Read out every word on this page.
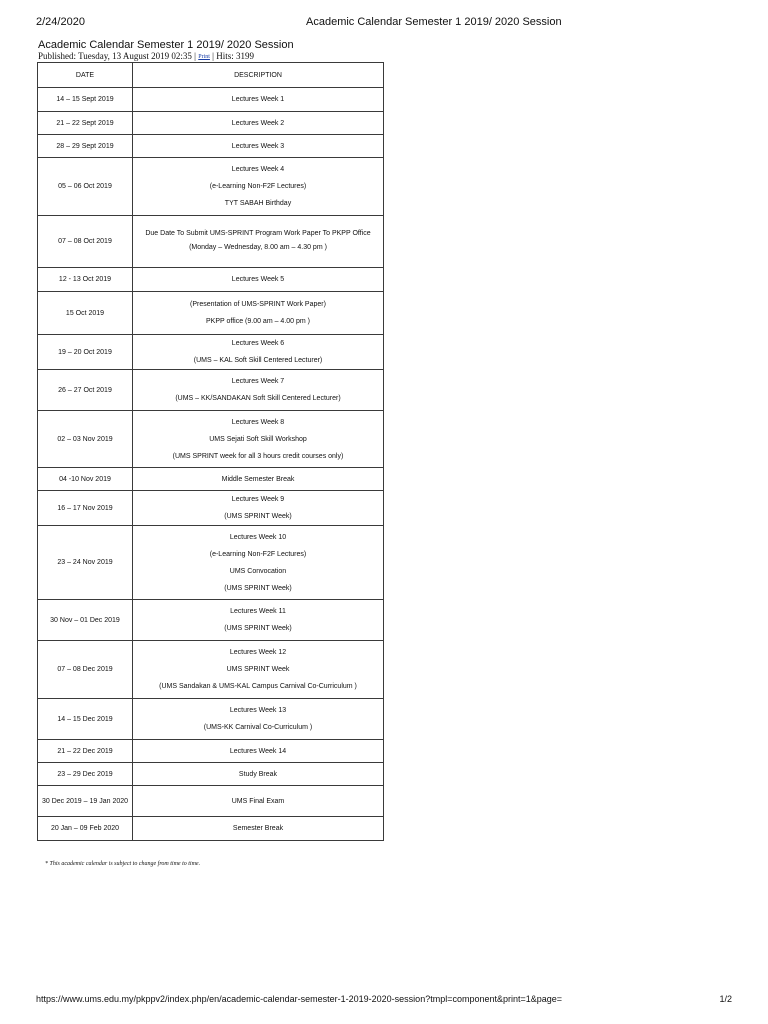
2/24/2020	Academic Calendar Semester 1 2019/ 2020 Session
Academic Calendar Semester 1 2019/ 2020 Session
Published: Tuesday, 13 August 2019 02:35 | Print | Hits: 3199
DATE	DESCRIPTION
14 – 15 Sept 2019	Lectures Week 1

21 – 22 Sept 2019	Lectures Week 2

28 – 29 Sept 2019	Lectures Week 3

05 – 06 Oct 2019	Lectures Week 4

(e-Learning Non-F2F Lectures)

TYT SABAH Birthday

07 – 08 Oct 2019	Due Date To Submit UMS-SPRINT Program Work Paper To PKPP Office

(Monday – Wednesday, 8.00 am – 4.30 pm )

12 - 13 Oct 2019	Lectures Week 5

15 Oct 2019	(Presentation of UMS-SPRINT Work Paper)

PKPP office (9.00 am – 4.00 pm )

19 – 20 Oct 2019	Lectures Week 6

(UMS – KAL Soft Skill Centered Lecturer)

26 – 27 Oct 2019	Lectures Week 7

(UMS – KK/SANDAKAN Soft Skill Centered Lecturer)

02 – 03 Nov 2019	Lectures Week 8

UMS Sejati Soft Skill Workshop

(UMS SPRINT week for all 3 hours credit courses only)

04 -10 Nov 2019	Middle Semester Break

16 – 17 Nov 2019	Lectures Week 9

(UMS SPRINT Week)

23 – 24 Nov 2019	Lectures Week 10

(e-Learning Non-F2F Lectures)

UMS Convocation

(UMS SPRINT Week)

30 Nov – 01 Dec 2019	Lectures Week 11

(UMS SPRINT Week)

07 – 08 Dec 2019	Lectures Week 12

UMS SPRINT Week

(UMS Sandakan & UMS-KAL Campus Carnival Co-Curriculum )

14 – 15 Dec 2019	Lectures Week 13

(UMS-KK Carnival Co-Curriculum )

21 – 22 Dec 2019	Lectures Week 14

23 – 29 Dec 2019	Study Break

30 Dec 2019 – 19 Jan 2020	UMS Final Exam

20 Jan – 09 Feb 2020	Semester Break

* This academic calendar is subject to change from time to time.
https://www.ums.edu.my/pkppv2/index.php/en/academic-calendar-semester-1-2019-2020-session?tmpl=component&print=1&page=	1/2
